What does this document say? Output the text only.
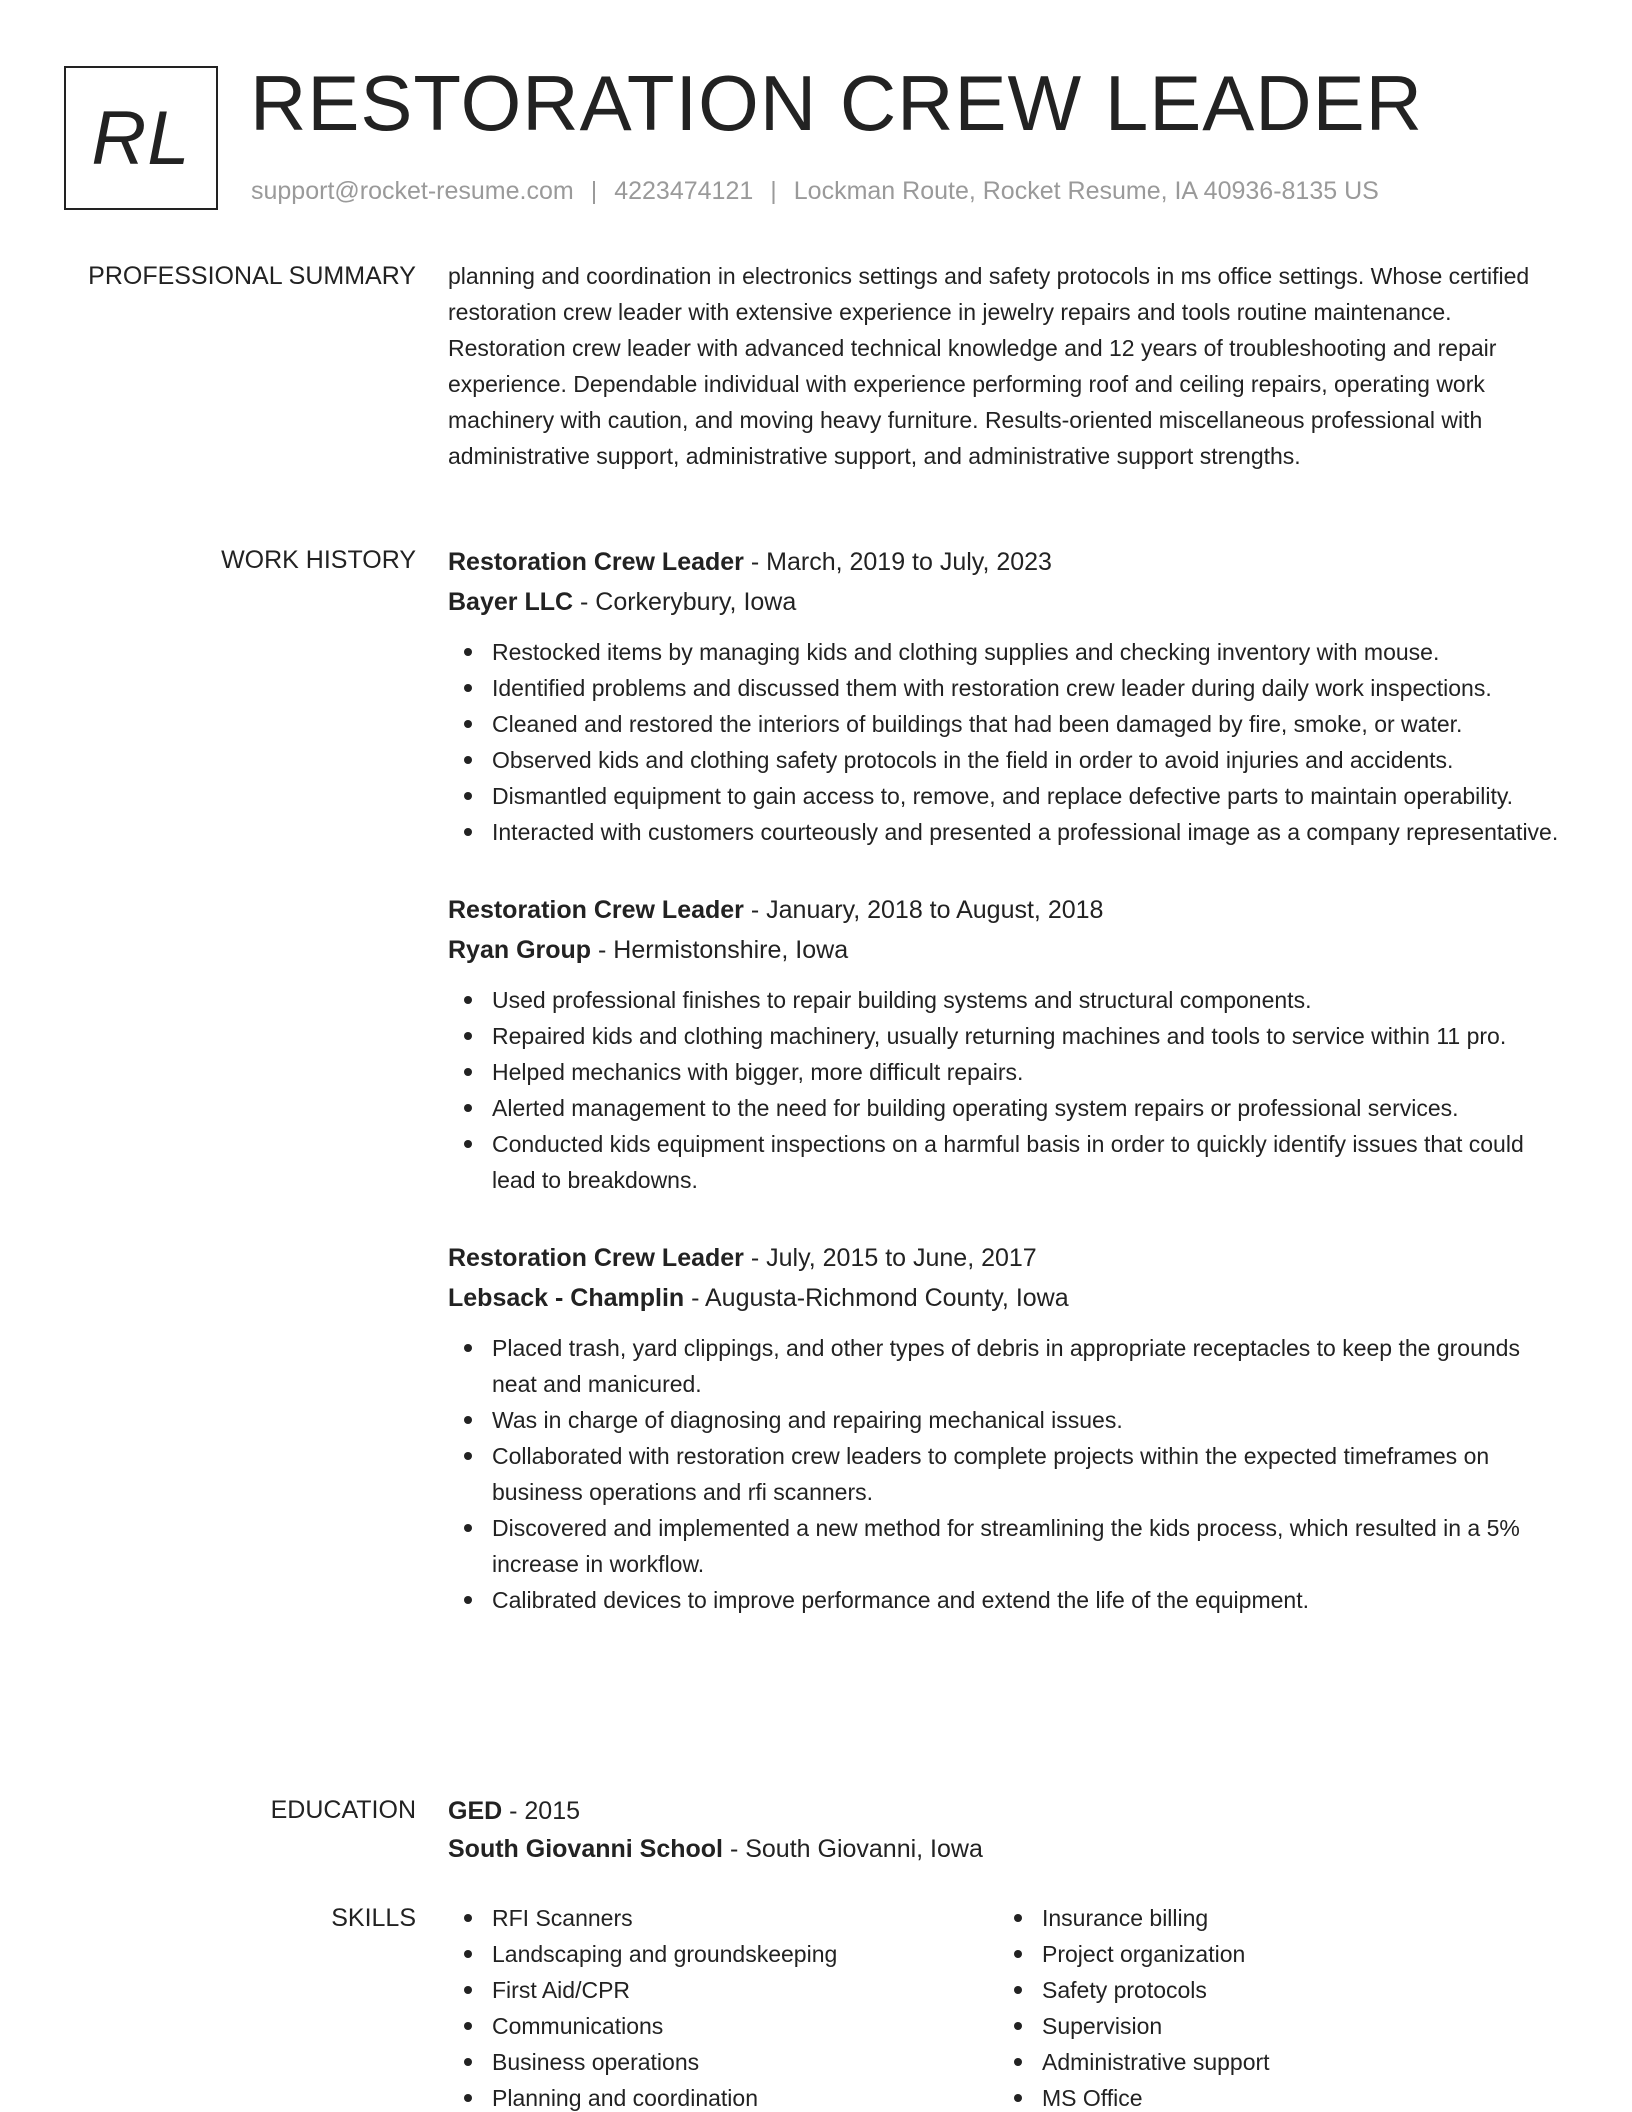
RL RESTORATION CREW LEADER
support@rocket-resume.com | 4223474121 | Lockman Route, Rocket Resume, IA 40936-8135 US
PROFESSIONAL SUMMARY planning and coordination in electronics settings and safety protocols in ms office settings. Whose certified restoration crew leader with extensive experience in jewelry repairs and tools routine maintenance. Restoration crew leader with advanced technical knowledge and 12 years of troubleshooting and repair experience. Dependable individual with experience performing roof and ceiling repairs, operating work machinery with caution, and moving heavy furniture. Results-oriented miscellaneous professional with administrative support, administrative support, and administrative support strengths.

WORK HISTORY Restoration Crew Leader - March, 2019 to July, 2023
Bayer LLC - Corkerybury, Iowa
Restocked items by managing kids and clothing supplies and checking inventory with mouse.
Identified problems and discussed them with restoration crew leader during daily work inspections.
Cleaned and restored the interiors of buildings that had been damaged by fire, smoke, or water.
Observed kids and clothing safety protocols in the field in order to avoid injuries and accidents.
Dismantled equipment to gain access to, remove, and replace defective parts to maintain operability.
Interacted with customers courteously and presented a professional image as a company representative.
Restoration Crew Leader - January, 2018 to August, 2018
Ryan Group - Hermistonshire, Iowa
Used professional finishes to repair building systems and structural components.
Repaired kids and clothing machinery, usually returning machines and tools to service within 11 pro.
Helped mechanics with bigger, more difficult repairs.
Alerted management to the need for building operating system repairs or professional services.
Conducted kids equipment inspections on a harmful basis in order to quickly identify issues that could lead to breakdowns.
Restoration Crew Leader - July, 2015 to June, 2017
Lebsack - Champlin - Augusta-Richmond County, Iowa
Placed trash, yard clippings, and other types of debris in appropriate receptacles to keep the grounds neat and manicured.
Was in charge of diagnosing and repairing mechanical issues.
Collaborated with restoration crew leaders to complete projects within the expected timeframes on business operations and rfi scanners.
Discovered and implemented a new method for streamlining the kids process, which resulted in a 5% increase in workflow.
Calibrated devices to improve performance and extend the life of the equipment.
EDUCATION GED - 2015
South Giovanni School - South Giovanni, Iowa
SKILLS	RFI Scanners
Landscaping and groundskeeping
First Aid/CPR
Communications
Business operations
Planning and coordination
Insurance billing
Project organization
Safety protocols
Supervision
Administrative support
MS Office
